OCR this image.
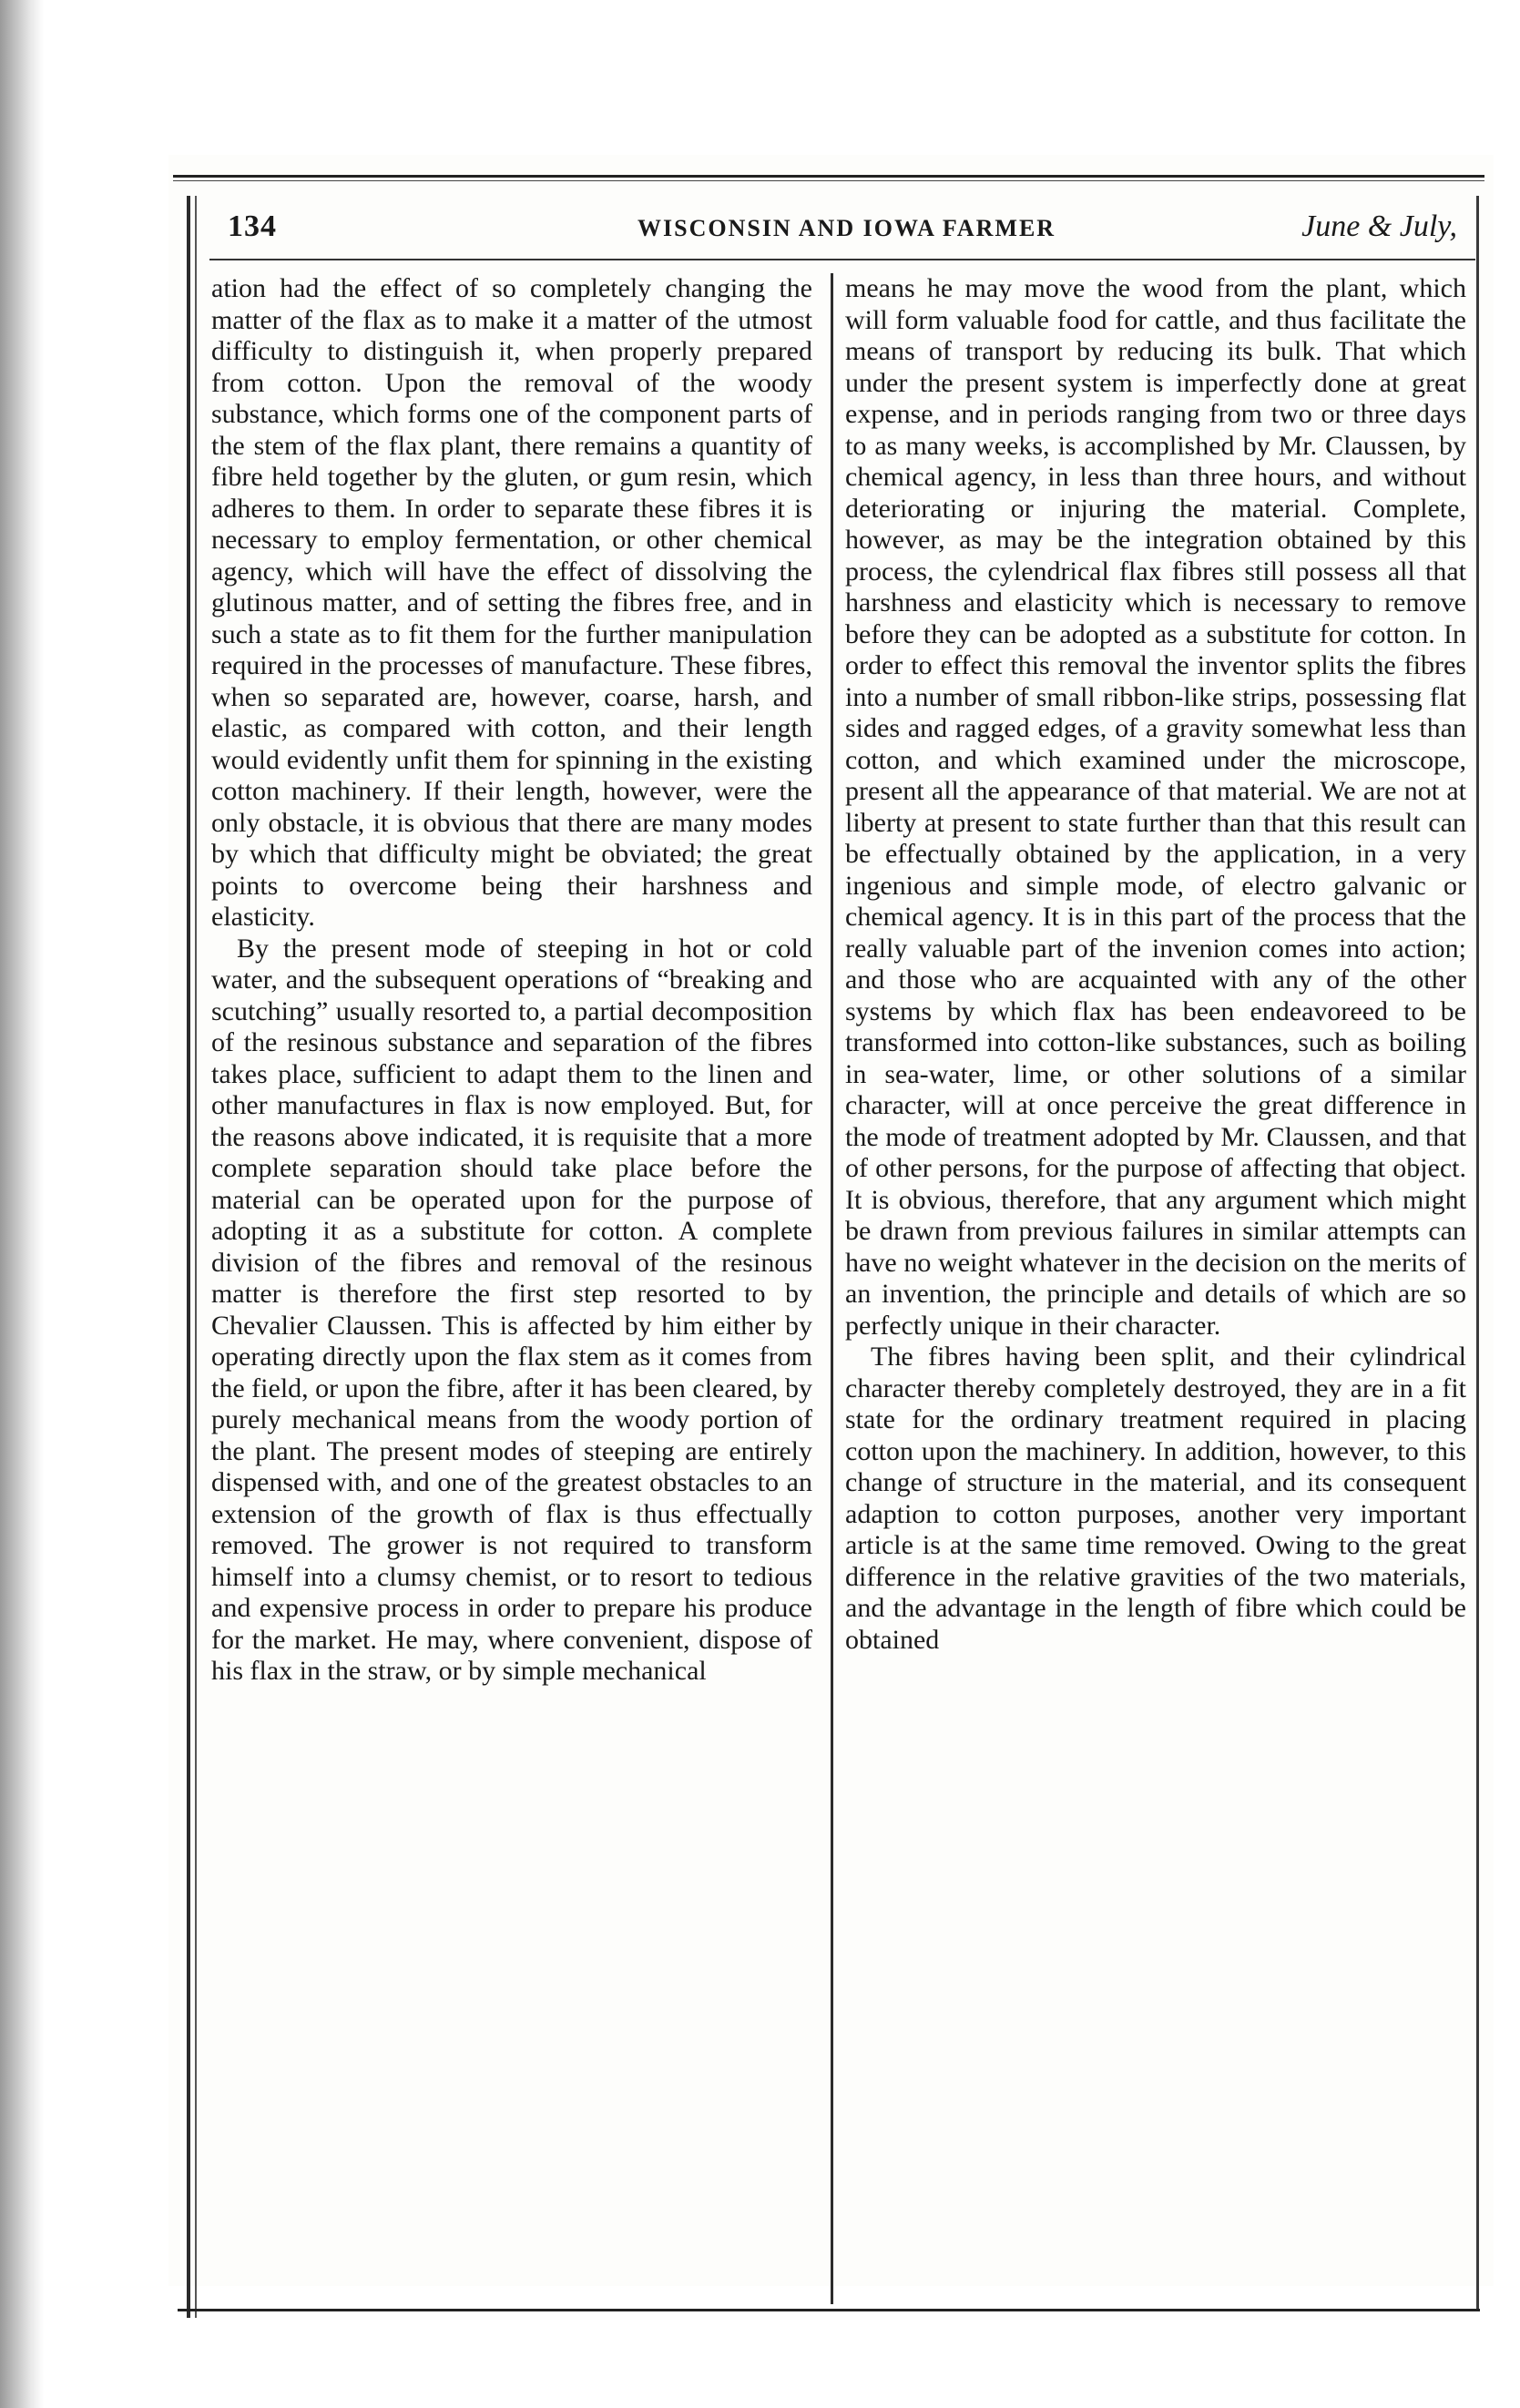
134	WISCONSIN AND IOWA FARMER	June & July,

ation had the effect of so completely changing the matter of the flax as to make it a matter of the utmost difficulty to distinguish it, when properly prepared from cotton. Upon the removal of the woody substance, which forms one of the component parts of the stem of the flax plant, there remains a quantity of fibre held together by the gluten, or gum resin, which adheres to them. In order to separate these fibres it is necessary to employ fermentation, or other chemical agency, which will have the effect of dissolving the glutinous matter, and of setting the fibres free, and in such a state as to fit them for the further manipulation required in the processes of manufacture. These fibres, when so separated are, however, coarse, harsh, and elastic, as compared with cotton, and their length would evidently unfit them for spinning in the existing cotton machinery. If their length, however, were the only obstacle, it is obvious that there are many modes by which that difficulty might be obviated; the great points to overcome being their harshness and elasticity.

By the present mode of steeping in hot or cold water, and the subsequent operations of “breaking and scutching” usually resorted to, a partial decomposition of the resinous substance and separation of the fibres takes place, sufficient to adapt them to the linen and other manufactures in flax is now employed. But, for the reasons above indicated, it is requisite that a more complete separation should take place before the material can be operated upon for the purpose of adopting it as a substitute for cotton. A complete division of the fibres and removal of the resinous matter is therefore the first step resorted to by Chevalier Claussen. This is affected by him either by operating directly upon the flax stem as it comes from the field, or upon the fibre, after it has been cleared, by purely mechanical means from the woody portion of the plant. The present modes of steeping are entirely dispensed with, and one of the greatest obstacles to an extension of the growth of flax is thus effectually removed. The grower is not required to transform himself into a clumsy chemist, or to resort to tedious and expensive process in order to prepare his produce for the market. He may, where convenient, dispose of his flax in the straw, or by simple mechanical

means he may move the wood from the plant, which will form valuable food for cattle, and thus facilitate the means of transport by reducing its bulk. That which under the present system is imperfectly done at great expense, and in periods ranging from two or three days to as many weeks, is accomplished by Mr. Claussen, by chemical agency, in less than three hours, and without deteriorating or injuring the material. Complete, however, as may be the integration obtained by this process, the cylendrical flax fibres still possess all that harshness and elasticity which is necessary to remove before they can be adopted as a substitute for cotton. In order to effect this removal the inventor splits the fibres into a number of small ribbon-like strips, possessing flat sides and ragged edges, of a gravity somewhat less than cotton, and which examined under the microscope, present all the appearance of that material. We are not at liberty at present to state further than that this result can be effectually obtained by the application, in a very ingenious and simple mode, of electro galvanic or chemical agency. It is in this part of the process that the really valuable part of the invenion comes into action; and those who are acquainted with any of the other systems by which flax has been endeavoreed to be transformed into cotton-like substances, such as boiling in sea-water, lime, or other solutions of a similar character, will at once perceive the great difference in the mode of treatment adopted by Mr. Claussen, and that of other persons, for the purpose of affecting that object. It is obvious, therefore, that any argument which might be drawn from previous failures in similar attempts can have no weight whatever in the decision on the merits of an invention, the principle and details of which are so perfectly unique in their character.

The fibres having been split, and their cylindrical character thereby completely destroyed, they are in a fit state for the ordinary treatment required in placing cotton upon the machinery. In addition, however, to this change of structure in the material, and its consequent adaption to cotton purposes, another very important article is at the same time removed. Owing to the great difference in the relative gravities of the two materials, and the advantage in the length of fibre which could be obtained
